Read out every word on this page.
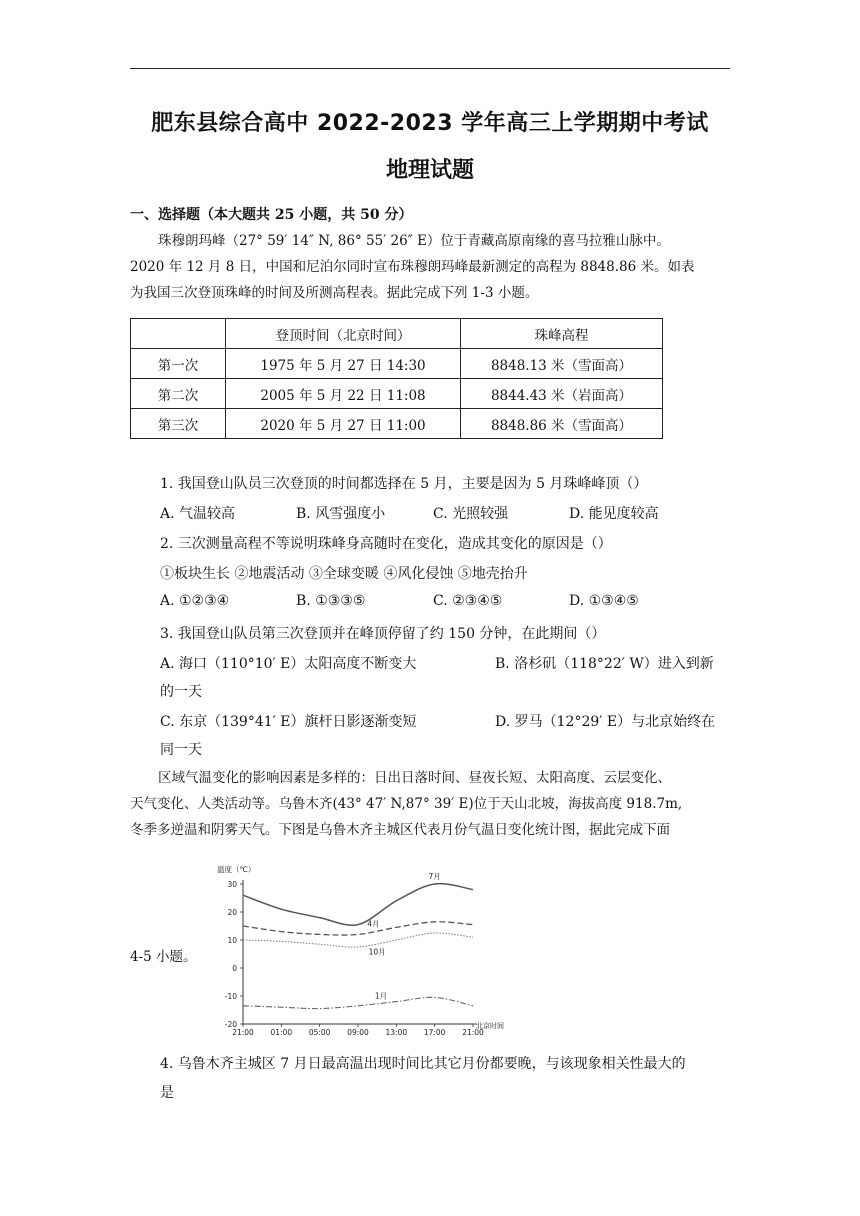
肥东县综合高中 2022-2023 学年高三上学期期中考试
地理试题
一、选择题（本大题共 25 小题，共 50 分）
珠穆朗玛峰（27° 59′ 14″ N, 86° 55′ 26″ E）位于青藏高原南缘的喜马拉雅山脉中。
2020 年 12 月 8 日，中国和尼泊尔同时宣布珠穆朗玛峰最新测定的高程为 8848.86 米。如表
为我国三次登顶珠峰的时间及所测高程表。据此完成下列 1-3 小题。
	登顶时间（北京时间）	珠峰高程
第一次	1975 年 5 月 27 日 14:30	8848.13 米（雪面高）
第二次	2005 年 5 月 22 日 11:08	8844.43 米（岩面高）
第三次	2020 年 5 月 27 日 11:00	8848.86 米（雪面高）
1. 我国登山队员三次登顶的时间都选择在 5 月，主要是因为 5 月珠峰峰顶（）
A. 气温较高	B. 风雪强度小	C. 光照较强	D. 能见度较高
2. 三次测量高程不等说明珠峰身高随时在变化，造成其变化的原因是（）
①板块生长 ②地震活动 ③全球变暖 ④风化侵蚀 ⑤地壳抬升
A. ①②③④	B. ①③③⑤	C. ②③④⑤	D. ①③④⑤
3. 我国登山队员第三次登顶并在峰顶停留了约 150 分钟，在此期间（）
A. 海口（110°10′ E）太阳高度不断变大	B. 洛杉矶（118°22′ W）进入到新
的一天
C. 东京（139°41′ E）旗杆日影逐渐变短	D. 罗马（12°29′ E）与北京始终在
同一天
区域气温变化的影响因素是多样的：日出日落时间、昼夜长短、太阳高度、云层变化、
天气变化、人类活动等。乌鲁木齐(43° 47′ N,87° 39′ E)位于天山北坡，海拔高度 918.7m,
冬季多逆温和阴雾天气。下图是乌鲁木齐主城区代表月份气温日变化统计图，据此完成下面
4-5 小题。
温度（℃）
北京时间
30
20
10
0
-10
-20
21:00 01:00 05:00 09:00 13:00 17:00 21:00
7月
4月
10月
1月
4. 乌鲁木齐主城区 7 月日最高温出现时间比其它月份都要晚，与该现象相关性最大的
是
